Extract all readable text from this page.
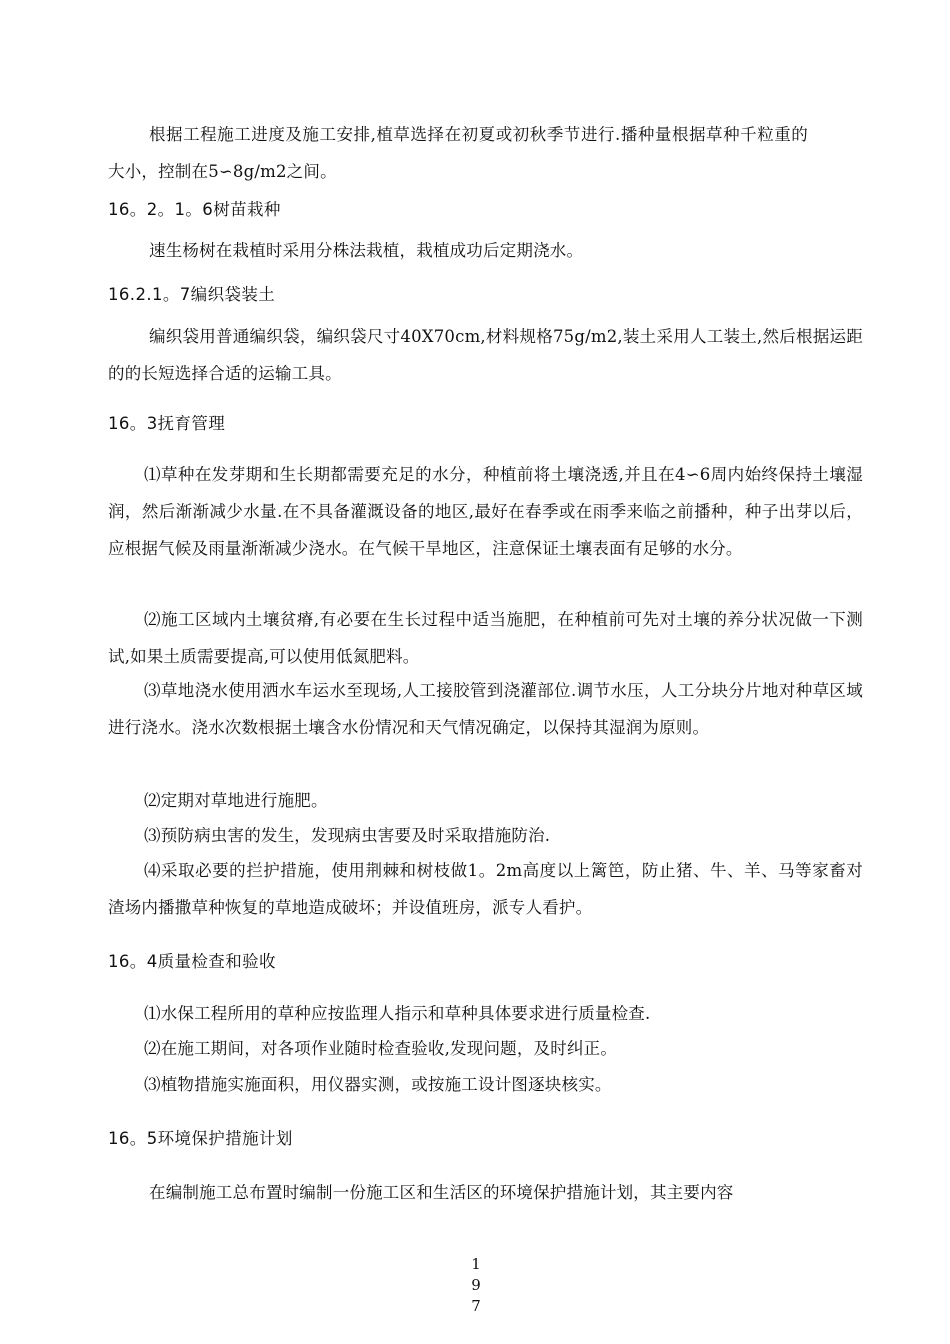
根据工程施工进度及施工安排,植草选择在初夏或初秋季节进行.播种量根据草种千粒重的大小，控制在5∽8g/m2之间。

16。2。1。6树苗栽种

速生杨树在栽植时采用分株法栽植，栽植成功后定期浇水。

16.2.1。7编织袋装土

编织袋用普通编织袋，编织袋尺寸40X70cm,材料规格75g/m2,装土采用人工装土,然后根据运距的的长短选择合适的运输工具。

16。3抚育管理

⑴草种在发芽期和生长期都需要充足的水分，种植前将土壤浇透,并且在4∽6周内始终保持土壤湿润，然后渐渐减少水量.在不具备灌溉设备的地区,最好在春季或在雨季来临之前播种，种子出芽以后，应根据气候及雨量渐渐减少浇水。在气候干旱地区，注意保证土壤表面有足够的水分。

⑵施工区域内土壤贫瘠,有必要在生长过程中适当施肥，在种植前可先对土壤的养分状况做一下测试,如果土质需要提高,可以使用低氮肥料。

⑶草地浇水使用洒水车运水至现场,人工接胶管到浇灌部位.调节水压，人工分块分片地对种草区域进行浇水。浇水次数根据土壤含水份情况和天气情况确定，以保持其湿润为原则。

⑵定期对草地进行施肥。

⑶预防病虫害的发生，发现病虫害要及时采取措施防治.

⑷采取必要的拦护措施，使用荆棘和树枝做1。2m高度以上篱笆，防止猪、牛、羊、马等家畜对渣场内播撒草种恢复的草地造成破坏；并设值班房，派专人看护。

16。4质量检查和验收

⑴水保工程所用的草种应按监理人指示和草种具体要求进行质量检查.

⑵在施工期间，对各项作业随时检查验收,发现问题，及时纠正。

⑶植物措施实施面积，用仪器实测，或按施工设计图逐块核实。

16。5环境保护措施计划

在编制施工总布置时编制一份施工区和生活区的环境保护措施计划，其主要内容

1
9
7
